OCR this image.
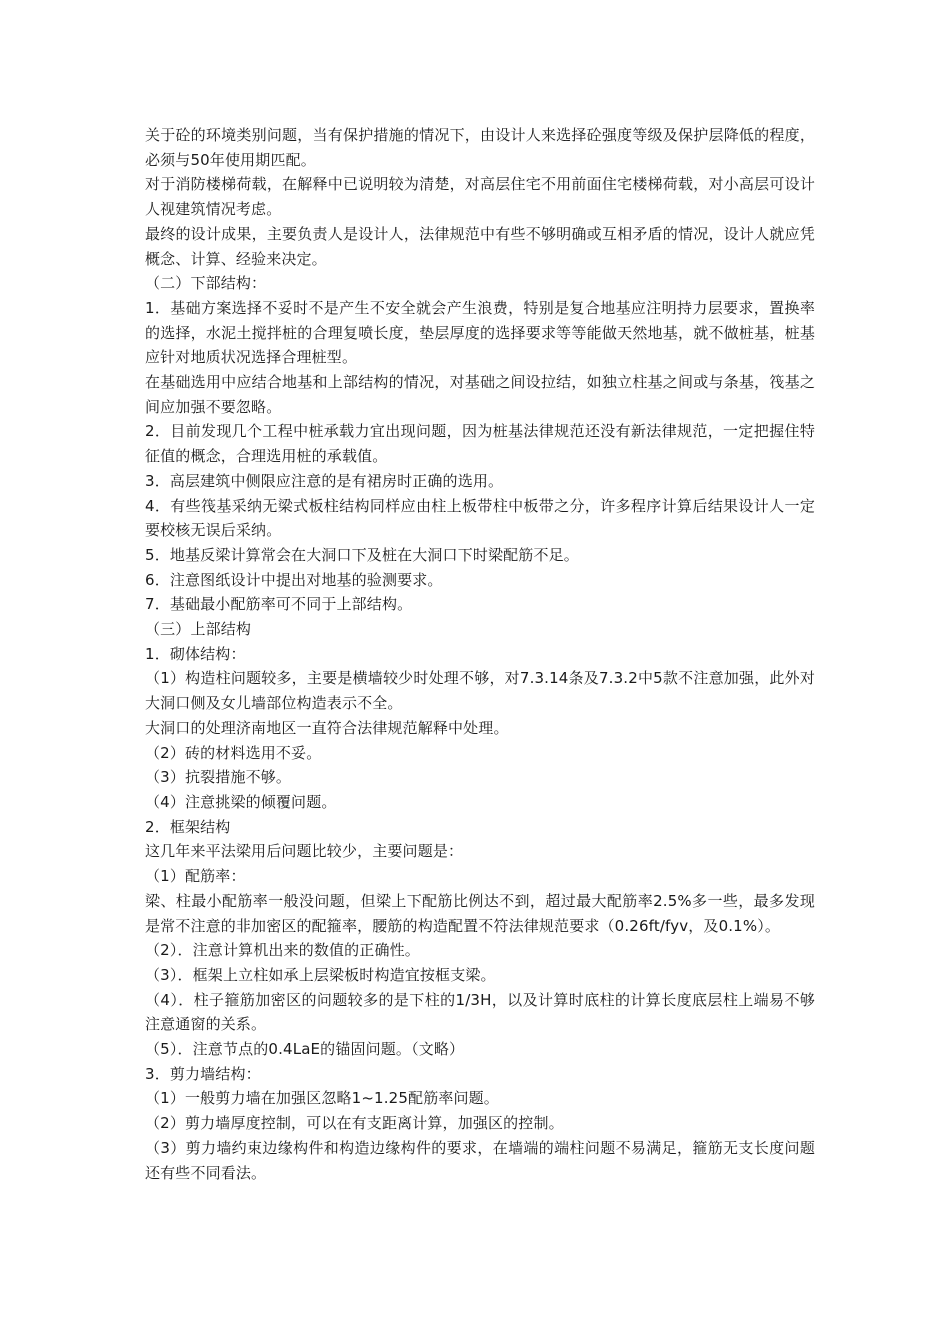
关于砼的环境类别问题，当有保护措施的情况下，由设计人来选择砼强度等级及保护层降低的程度，必须与50年使用期匹配。

对于消防楼梯荷载，在解释中已说明较为清楚，对高层住宅不用前面住宅楼梯荷载，对小高层可设计人视建筑情况考虑。

最终的设计成果，主要负责人是设计人，法律规范中有些不够明确或互相矛盾的情况，设计人就应凭概念、计算、经验来决定。

（二）下部结构：

1．基础方案选择不妥时不是产生不安全就会产生浪费，特别是复合地基应注明持力层要求，置换率的选择，水泥土搅拌桩的合理复喷长度，垫层厚度的选择要求等等能做天然地基，就不做桩基，桩基应针对地质状况选择合理桩型。

在基础选用中应结合地基和上部结构的情况，对基础之间设拉结，如独立柱基之间或与条基，筏基之间应加强不要忽略。

2．目前发现几个工程中桩承载力宜出现问题，因为桩基法律规范还没有新法律规范，一定把握住特征值的概念，合理选用桩的承载值。

3．高层建筑中侧限应注意的是有裙房时正确的选用。

4．有些筏基采纳无梁式板柱结构同样应由柱上板带柱中板带之分，许多程序计算后结果设计人一定要校核无误后采纳。

5．地基反梁计算常会在大洞口下及桩在大洞口下时梁配筋不足。

6．注意图纸设计中提出对地基的验测要求。

7．基础最小配筋率可不同于上部结构。

（三）上部结构

1．砌体结构：

（1）构造柱问题较多，主要是横墙较少时处理不够，对7.3.14条及7.3.2中5款不注意加强，此外对大洞口侧及女儿墙部位构造表示不全。

大洞口的处理济南地区一直符合法律规范解释中处理。

（2）砖的材料选用不妥。

（3）抗裂措施不够。

（4）注意挑梁的倾覆问题。

2．框架结构

这几年来平法梁用后问题比较少，主要问题是：

（1）配筋率：

梁、柱最小配筋率一般没问题，但梁上下配筋比例达不到，超过最大配筋率2.5%多一些，最多发现是常不注意的非加密区的配箍率，腰筋的构造配置不符法律规范要求（0.26ft/fyv，及0.1%）。

（2）．注意计算机出来的数值的正确性。

（3）．框架上立柱如承上层梁板时构造宜按框支梁。

（4）．柱子箍筋加密区的问题较多的是下柱的1/3H，以及计算时底柱的计算长度底层柱上端易不够注意通窗的关系。

（5）．注意节点的0.4LaE的锚固问题。（文略）

3．剪力墙结构：

（1）一般剪力墙在加强区忽略1~1.25配筋率问题。

（2）剪力墙厚度控制，可以在有支距离计算，加强区的控制。

（3）剪力墙约束边缘构件和构造边缘构件的要求，在墙端的端柱问题不易满足，箍筋无支长度问题还有些不同看法。
